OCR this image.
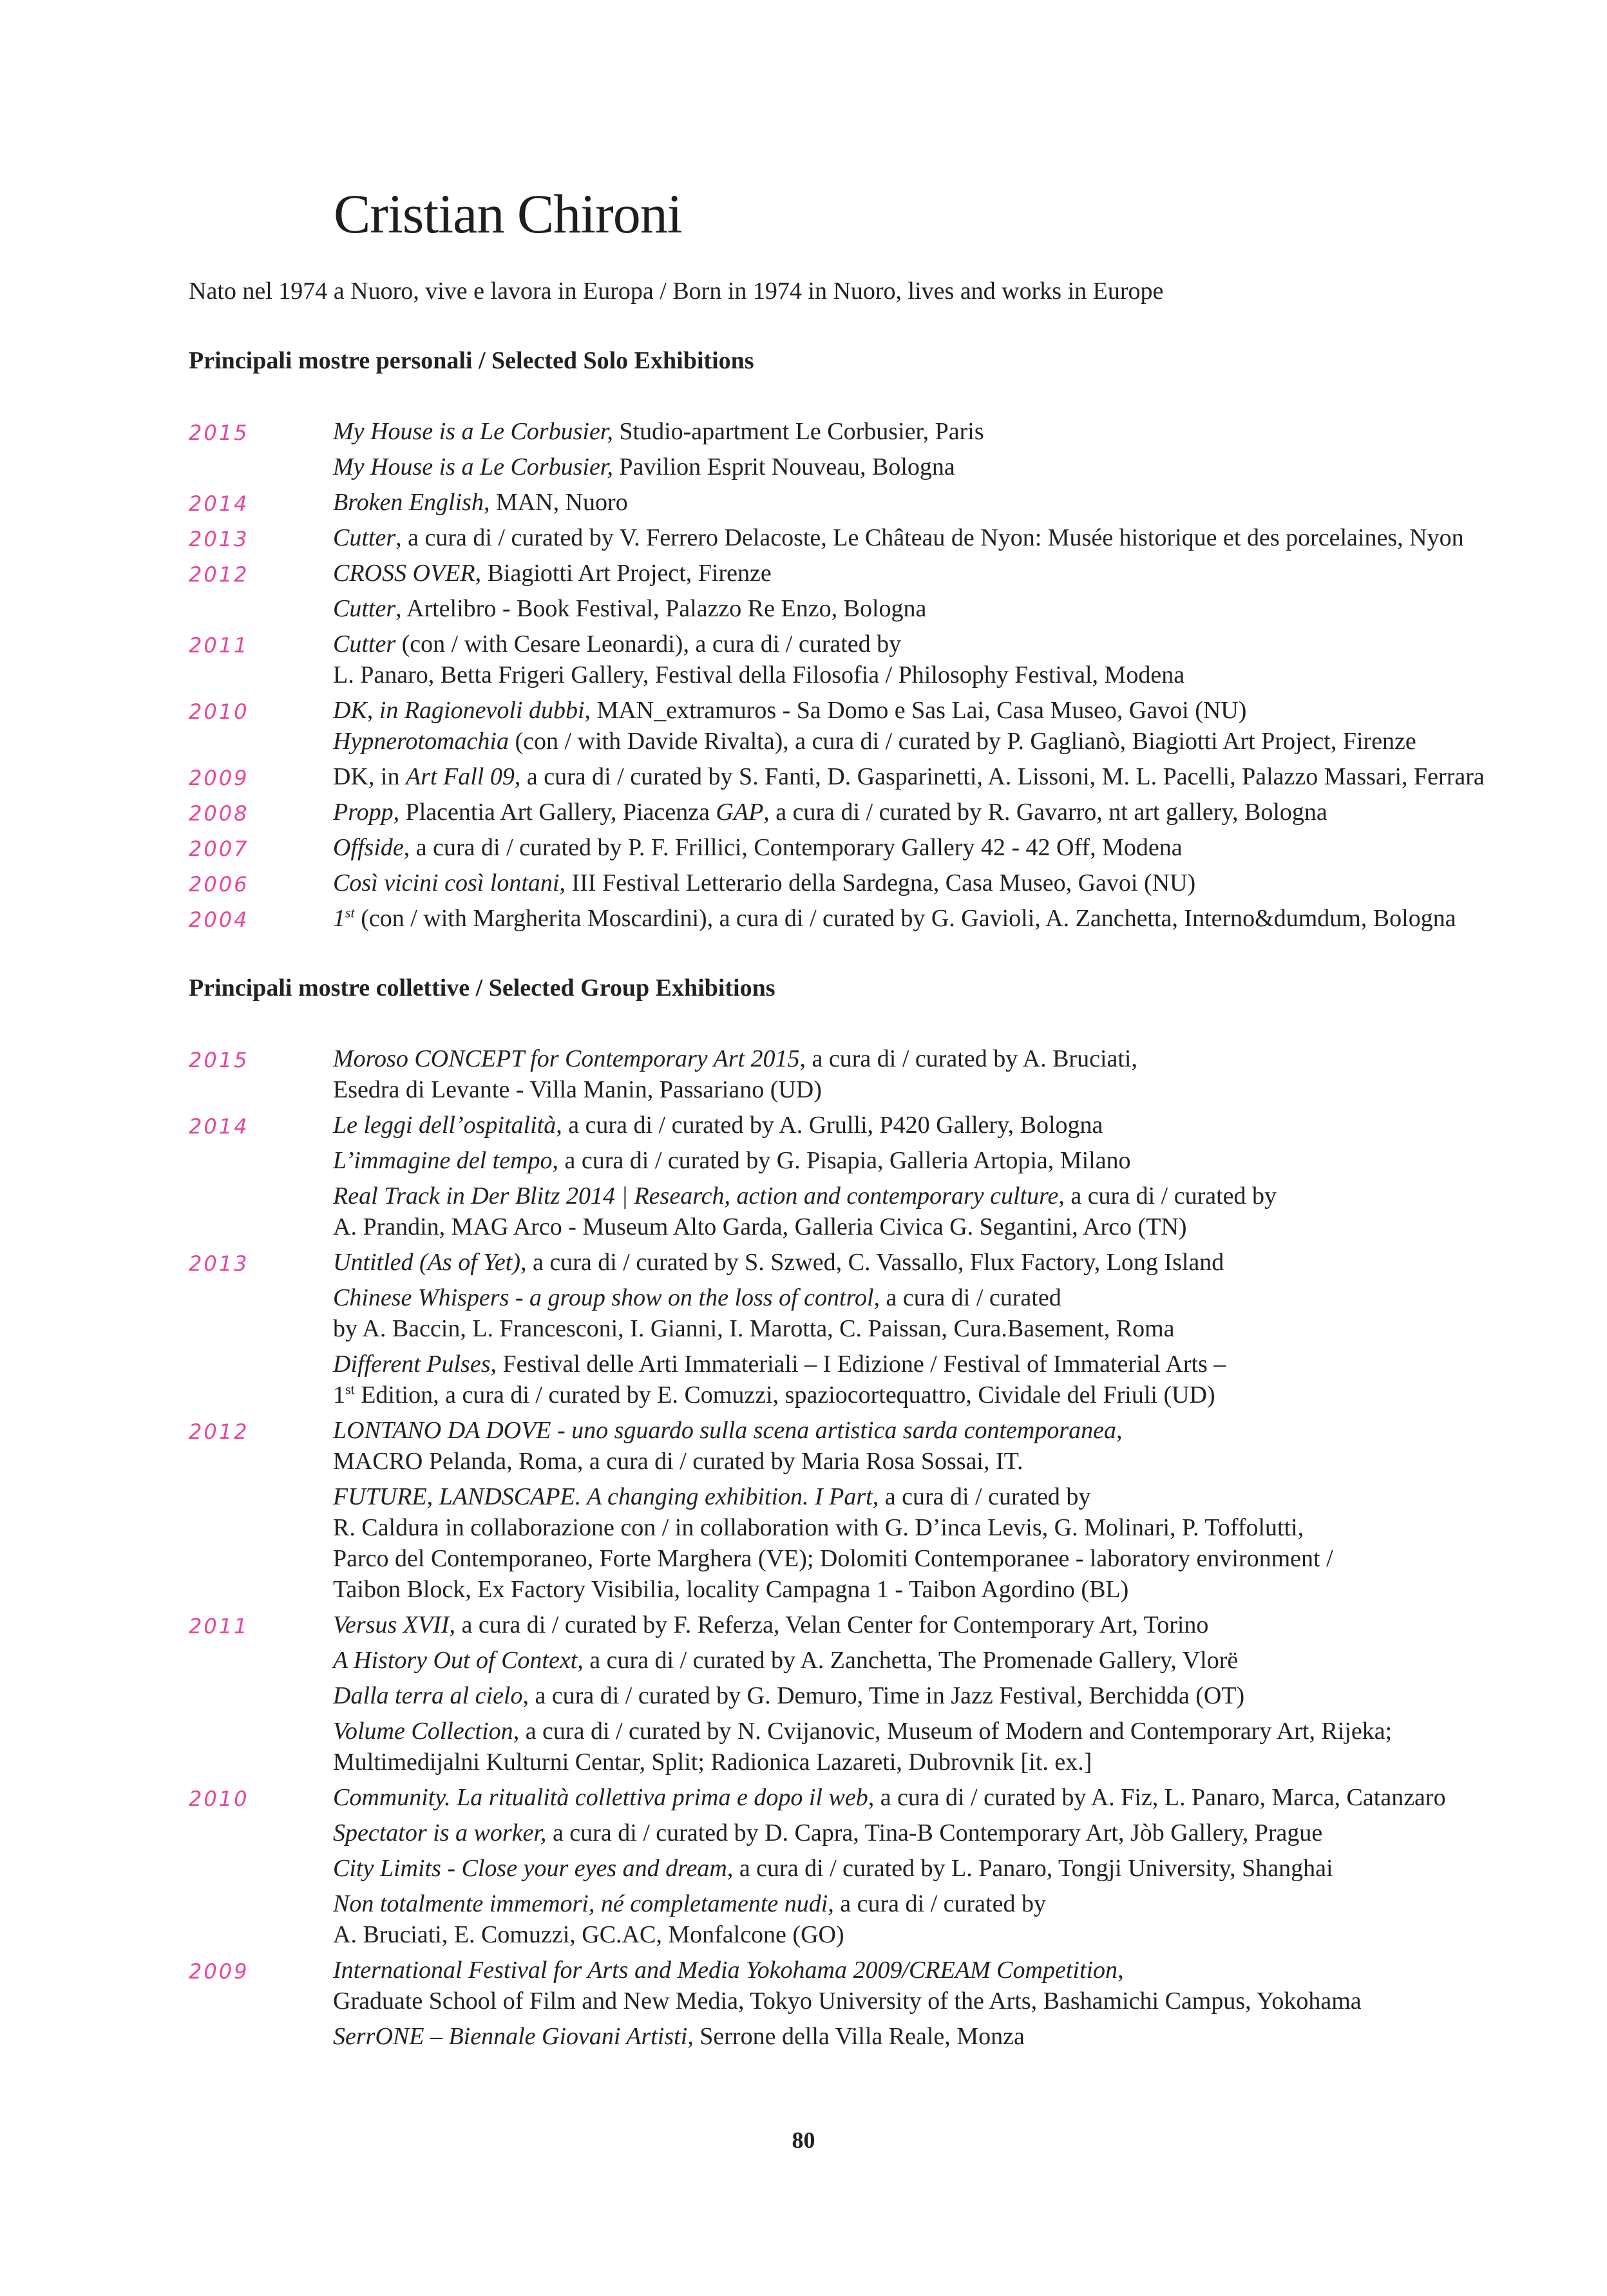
Cristian Chironi
Nato nel 1974 a Nuoro, vive e lavora in Europa / Born in 1974 in Nuoro, lives and works in Europe
Principali mostre personali / Selected Solo Exhibitions
2015	My House is a Le Corbusier, Studio-apartment Le Corbusier, Paris
My House is a Le Corbusier, Pavilion Esprit Nouveau, Bologna
2014	Broken English, MAN, Nuoro
2013	Cutter, a cura di / curated by V. Ferrero Delacoste, Le Château de Nyon: Musée historique et des porcelaines, Nyon
2012	CROSS OVER, Biagiotti Art Project, Firenze
Cutter, Artelibro - Book Festival, Palazzo Re Enzo, Bologna
2011	Cutter (con / with Cesare Leonardi), a cura di / curated by
L. Panaro, Betta Frigeri Gallery, Festival della Filosofia / Philosophy Festival, Modena
2010	DK, in Ragionevoli dubbi, MAN_extramuros - Sa Domo e Sas Lai, Casa Museo, Gavoi (NU)
Hypnerotomachia (con / with Davide Rivalta), a cura di / curated by P. Gaglianò, Biagiotti Art Project, Firenze
2009	DK, in Art Fall 09, a cura di / curated by S. Fanti, D. Gasparinetti, A. Lissoni, M. L. Pacelli, Palazzo Massari, Ferrara
2008	Propp, Placentia Art Gallery, Piacenza GAP, a cura di / curated by R. Gavarro, nt art gallery, Bologna
2007	Offside, a cura di / curated by P. F. Frillici, Contemporary Gallery 42 - 42 Off, Modena
2006	Così vicini così lontani, III Festival Letterario della Sardegna, Casa Museo, Gavoi (NU)
2004	1st (con / with Margherita Moscardini), a cura di / curated by G. Gavioli, A. Zanchetta, Interno&dumdum, Bologna
Principali mostre collettive / Selected Group Exhibitions
2015	Moroso CONCEPT for Contemporary Art 2015, a cura di / curated by A. Bruciati,
Esedra di Levante - Villa Manin, Passariano (UD)
2014	Le leggi dell’ospitalità, a cura di / curated by A. Grulli, P420 Gallery, Bologna
L’immagine del tempo, a cura di / curated by G. Pisapia, Galleria Artopia, Milano
Real Track in Der Blitz 2014 | Research, action and contemporary culture, a cura di / curated by
A. Prandin, MAG Arco - Museum Alto Garda, Galleria Civica G. Segantini, Arco (TN)
2013	Untitled (As of Yet), a cura di / curated by S. Szwed, C. Vassallo, Flux Factory, Long Island
Chinese Whispers - a group show on the loss of control, a cura di / curated
by A. Baccin, L. Francesconi, I. Gianni, I. Marotta, C. Paissan, Cura.Basement, Roma
Different Pulses, Festival delle Arti Immateriali – I Edizione / Festival of Immaterial Arts –
1st Edition, a cura di / curated by E. Comuzzi, spaziocortequattro, Cividale del Friuli (UD)
2012	LONTANO DA DOVE - uno sguardo sulla scena artistica sarda contemporanea,
MACRO Pelanda, Roma, a cura di / curated by Maria Rosa Sossai, IT.
FUTURE, LANDSCAPE. A changing exhibition. I Part, a cura di / curated by
R. Caldura in collaborazione con / in collaboration with G. D’inca Levis, G. Molinari, P. Toffolutti,
Parco del Contemporaneo, Forte Marghera (VE); Dolomiti Contemporanee - laboratory environment /
Taibon Block, Ex Factory Visibilia, locality Campagna 1 - Taibon Agordino (BL)
2011	Versus XVII, a cura di / curated by F. Referza, Velan Center for Contemporary Art, Torino
A History Out of Context, a cura di / curated by A. Zanchetta, The Promenade Gallery, Vlorë
Dalla terra al cielo, a cura di / curated by G. Demuro, Time in Jazz Festival, Berchidda (OT)
Volume Collection, a cura di / curated by N. Cvijanovic, Museum of Modern and Contemporary Art, Rijeka;
Multimedijalni Kulturni Centar, Split; Radionica Lazareti, Dubrovnik [it. ex.]
2010	Community. La ritualità collettiva prima e dopo il web, a cura di / curated by A. Fiz, L. Panaro, Marca, Catanzaro
Spectator is a worker, a cura di / curated by D. Capra, Tina-B Contemporary Art, Jòb Gallery, Prague
City Limits - Close your eyes and dream, a cura di / curated by L. Panaro, Tongji University, Shanghai
Non totalmente immemori, né completamente nudi, a cura di / curated by
A. Bruciati, E. Comuzzi, GC.AC, Monfalcone (GO)
2009	International Festival for Arts and Media Yokohama 2009/CREAM Competition,
Graduate School of Film and New Media, Tokyo University of the Arts, Bashamichi Campus, Yokohama
SerrONE – Biennale Giovani Artisti, Serrone della Villa Reale, Monza
80
